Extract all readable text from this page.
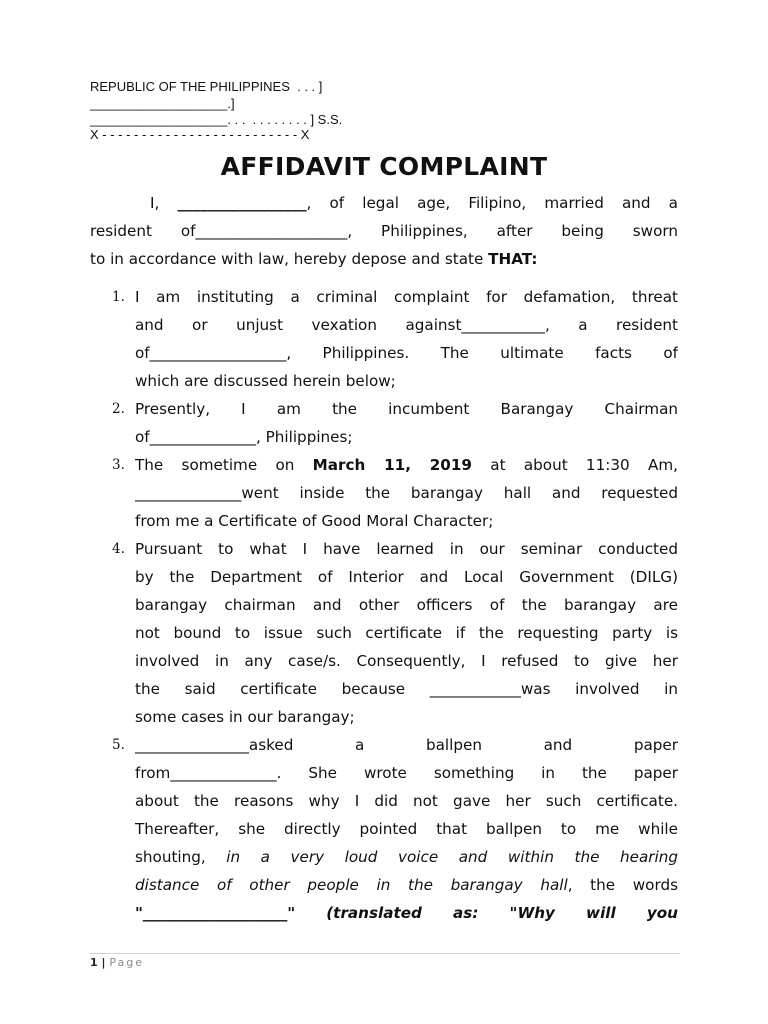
REPUBLIC OF THE PHILIPPINES  . . . ]
___________________.]
___________________. . .  . . . . . . . . ] S.S.
X - - - - - - - - - - - - - - - - - - - - - - - - - X
AFFIDAVIT COMPLAINT
I, _________________, of legal age, Filipino, married and a
resident of____________________, Philippines, after being sworn
to in accordance with law, hereby depose and state THAT:
1. I am instituting a criminal complaint for defamation, threat
and or unjust vexation against___________, a resident
of__________________, Philippines. The ultimate facts of
which are discussed herein below;
2. Presently, I am the incumbent Barangay Chairman
of______________, Philippines;
3. The sometime on March 11, 2019 at about 11:30 Am,
______________went inside the barangay hall and requested
from me a Certificate of Good Moral Character;
4. Pursuant to what I have learned in our seminar conducted
by the Department of Interior and Local Government (DILG)
barangay chairman and other officers of the barangay are
not bound to issue such certificate if the requesting party is
involved in any case/s. Consequently, I refused to give her
the said certificate because ____________was involved in
some cases in our barangay;
5. _______________asked a ballpen and paper
from______________. She wrote something in the paper
about the reasons why I did not gave her such certificate.
Thereafter, she directly pointed that ballpen to me while
shouting, in a very loud voice and within the hearing
distance of other people in the barangay hall, the words
"___________________" (translated as: "Why will you
1 | Page
